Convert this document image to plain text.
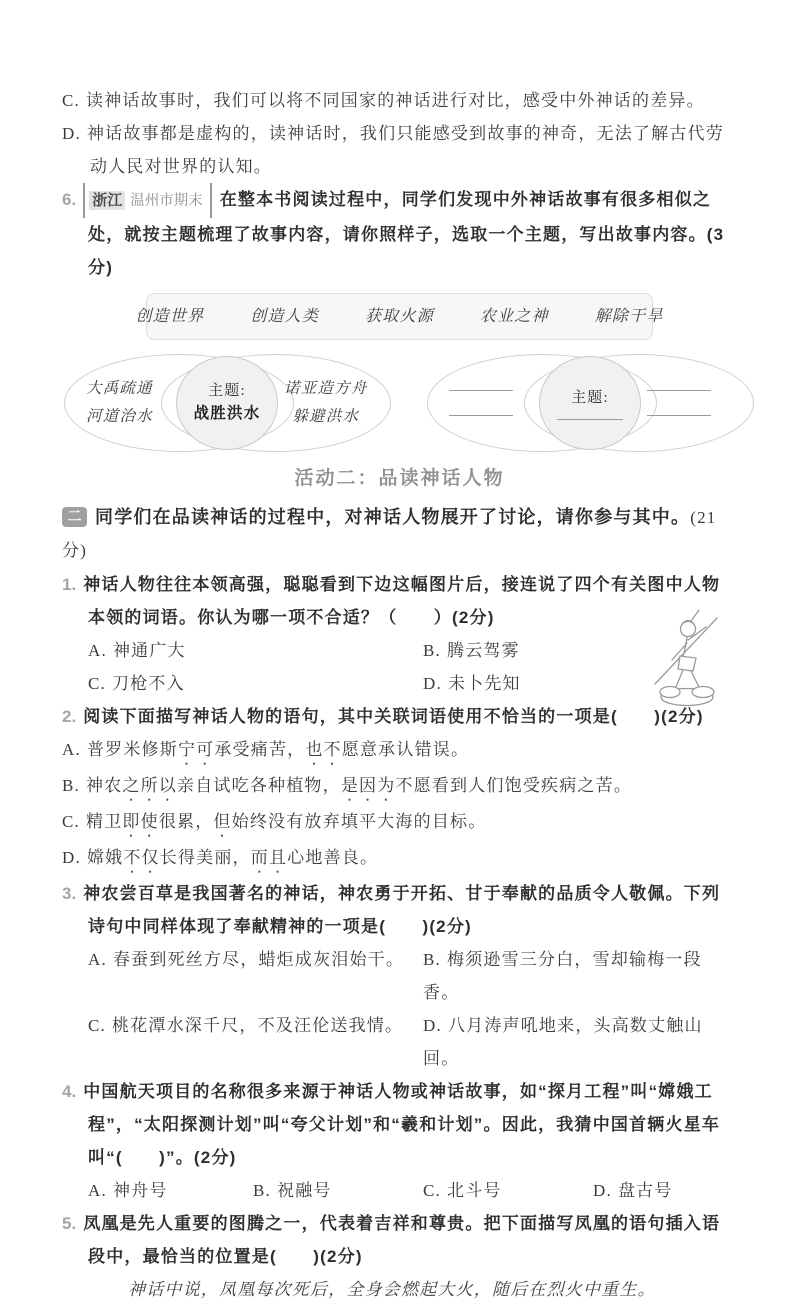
C. 读神话故事时，我们可以将不同国家的神话进行对比，感受中外神话的差异。

D. 神话故事都是虚构的，读神话时，我们只能感受到故事的神奇，无法了解古代劳动人民对世界的认知。

6. 浙江 温州市期末 在整本书阅读过程中，同学们发现中外神话故事有很多相似之处，就按主题梳理了故事内容，请你照样子，选取一个主题，写出故事内容。(3分)

创造世界	创造人类	获取火源	农业之神	解除干旱
大禹疏通
河道治水
主题:
战胜洪水
诺亚造方舟
躲避洪水
主题:
活动二：品读神话人物

二 同学们在品读神话的过程中，对神话人物展开了讨论，请你参与其中。(21分)

1. 神话人物往往本领高强，聪聪看到下边这幅图片后，接连说了四个有关图中人物本领的词语。你认为哪一项不合适？（　　）(2分)

A. 神通广大	B. 腾云驾雾
C. 刀枪不入	D. 未卜先知

2. 阅读下面描写神话人物的语句，其中关联词语使用不恰当的一项是(　　)(2分)

A. 普罗米修斯宁可承受痛苦，也不愿意承认错误。

B. 神农之所以亲自试吃各种植物，是因为不愿看到人们饱受疾病之苦。

C. 精卫即使很累，但始终没有放弃填平大海的目标。

D. 嫦娥不仅长得美丽，而且心地善良。

3. 神农尝百草是我国著名的神话，神农勇于开拓、甘于奉献的品质令人敬佩。下列诗句中同样体现了奉献精神的一项是(　　)(2分)

A. 春蚕到死丝方尽，蜡炬成灰泪始干。	B. 梅须逊雪三分白，雪却输梅一段香。
C. 桃花潭水深千尺，不及汪伦送我情。	D. 八月涛声吼地来，头高数丈触山回。

4. 中国航天项目的名称很多来源于神话人物或神话故事，如“探月工程”叫“嫦娥工程”，“太阳探测计划”叫“夸父计划”和“羲和计划”。因此，我猜中国首辆火星车叫“(　　)”。(2分)

A. 神舟号	B. 祝融号	C. 北斗号	D. 盘古号

5. 凤凰是先人重要的图腾之一，代表着吉祥和尊贵。把下面描写凤凰的语句插入语段中，最恰当的位置是(　　)(2分)

神话中说，凤凰每次死后，全身会燃起大火，随后在烈火中重生。
